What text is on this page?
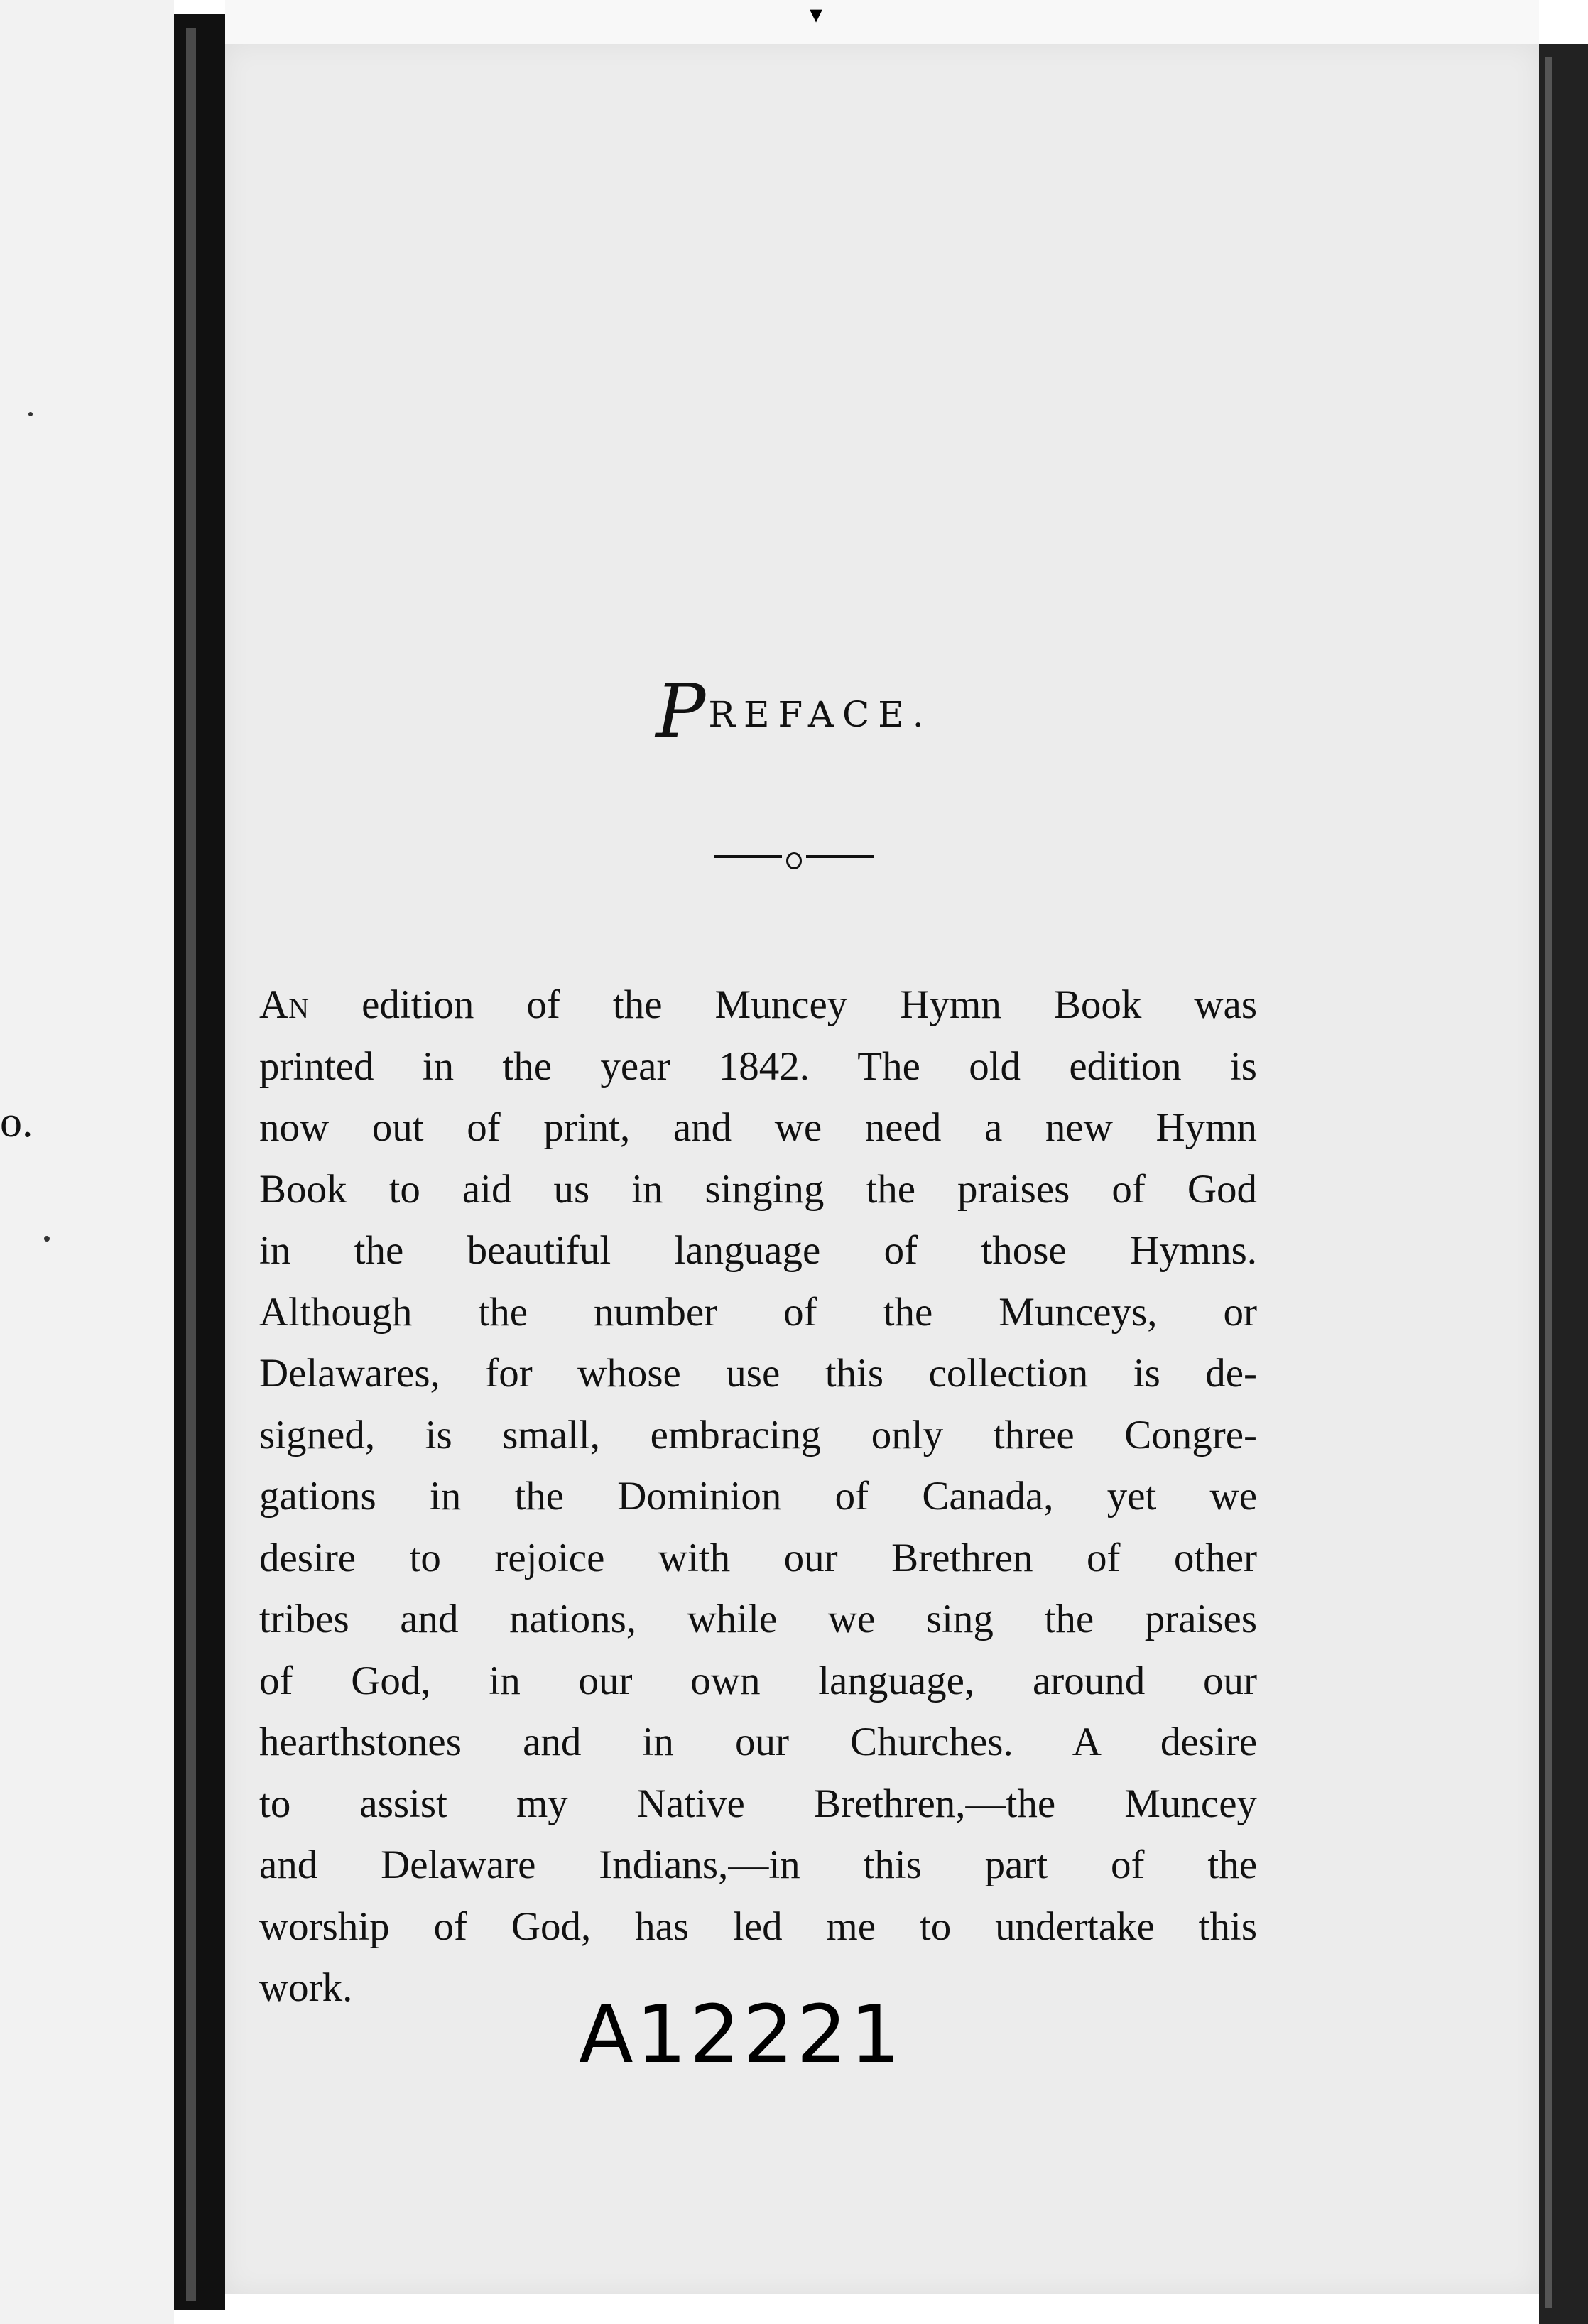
o.
▾

PREFACE.

An edition of the Muncey Hymn Book was
printed in the year 1842. The old edition is
now out of print, and we need a new Hymn
Book to aid us in singing the praises of God
in the beautiful language of those Hymns.
Although the number of the Munceys, or
Delawares, for whose use this collection is de-
signed, is small, embracing only three Congre-
gations in the Dominion of Canada, yet we
desire to rejoice with our Brethren of other
tribes and nations, while we sing the praises
of God, in our own language, around our
hearthstones and in our Churches. A desire
to assist my Native Brethren,—the Muncey
and Delaware Indians,—in this part of the
worship of God, has led me to undertake this
work.

A12221
